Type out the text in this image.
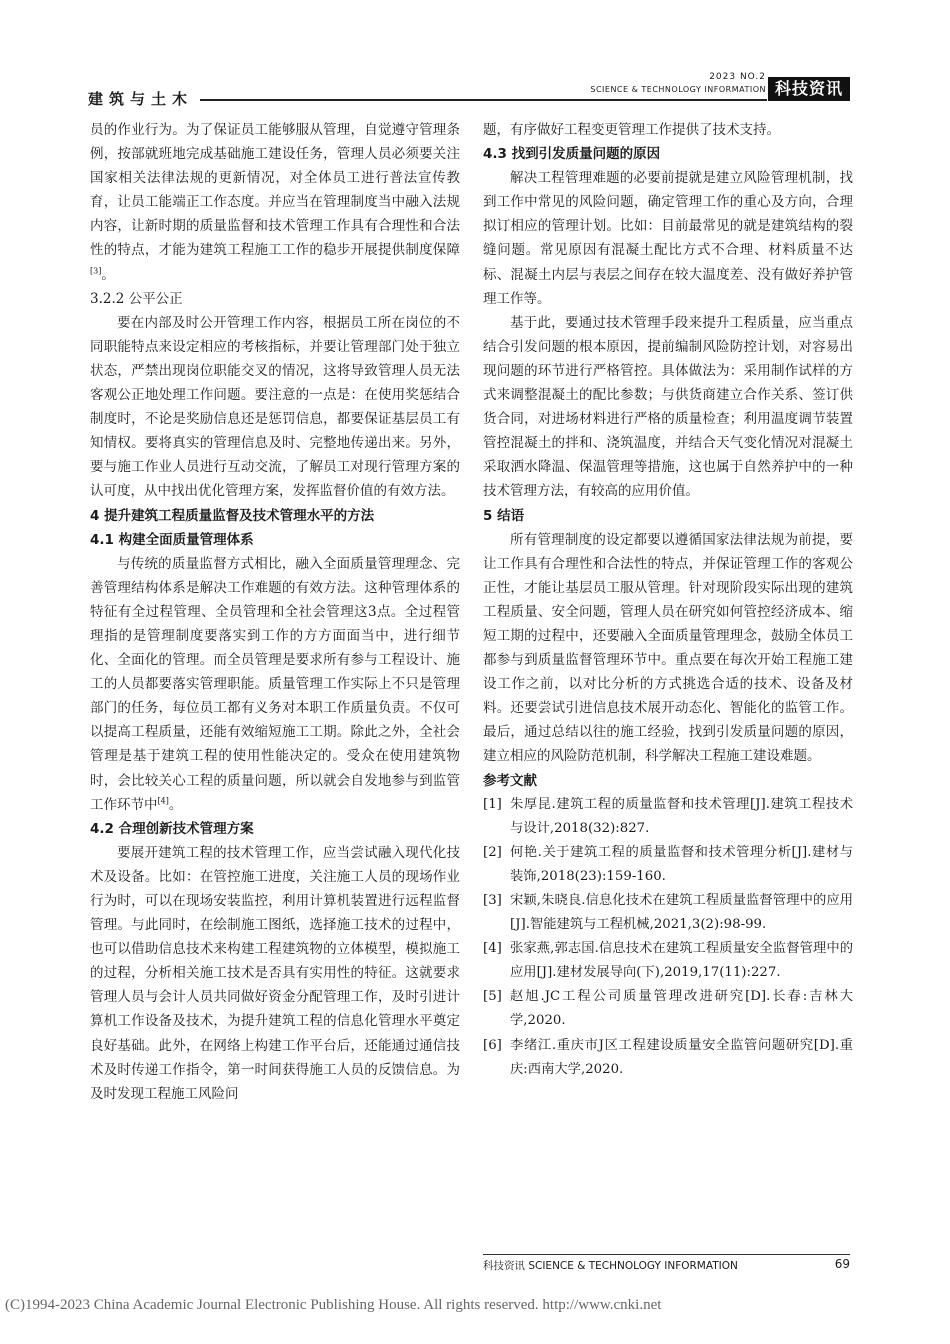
建筑与土木
2023 NO.2
SCIENCE & TECHNOLOGY INFORMATION 科技资讯

员的作业行为。为了保证员工能够服从管理，自觉遵守管理条例，按部就班地完成基础施工建设任务，管理人员必须要关注国家相关法律法规的更新情况，对全体员工进行普法宣传教育，让员工能端正工作态度。并应当在管理制度当中融入法规内容，让新时期的质量监督和技术管理工作具有合理性和合法性的特点，才能为建筑工程施工工作的稳步开展提供制度保障[3]。

3.2.2 公平公正

要在内部及时公开管理工作内容，根据员工所在岗位的不同职能特点来设定相应的考核指标，并要让管理部门处于独立状态，严禁出现岗位职能交叉的情况，这将导致管理人员无法客观公正地处理工作问题。要注意的一点是：在使用奖惩结合制度时，不论是奖励信息还是惩罚信息，都要保证基层员工有知情权。要将真实的管理信息及时、完整地传递出来。另外，要与施工作业人员进行互动交流，了解员工对现行管理方案的认可度，从中找出优化管理方案，发挥监督价值的有效方法。

4 提升建筑工程质量监督及技术管理水平的方法
4.1 构建全面质量管理体系

与传统的质量监督方式相比，融入全面质量管理理念、完善管理结构体系是解决工作难题的有效方法。这种管理体系的特征有全过程管理、全员管理和全社会管理这3点。全过程管理指的是管理制度要落实到工作的方方面面当中，进行细节化、全面化的管理。而全员管理是要求所有参与工程设计、施工的人员都要落实管理职能。质量管理工作实际上不只是管理部门的任务，每位员工都有义务对本职工作质量负责。不仅可以提高工程质量，还能有效缩短施工工期。除此之外，全社会管理是基于建筑工程的使用性能决定的。受众在使用建筑物时，会比较关心工程的质量问题，所以就会自发地参与到监管工作环节中[4]。

4.2 合理创新技术管理方案

要展开建筑工程的技术管理工作，应当尝试融入现代化技术及设备。比如：在管控施工进度，关注施工人员的现场作业行为时，可以在现场安装监控，利用计算机装置进行远程监督管理。与此同时，在绘制施工图纸，选择施工技术的过程中，也可以借助信息技术来构建工程建筑物的立体模型，模拟施工的过程，分析相关施工技术是否具有实用性的特征。这就要求管理人员与会计人员共同做好资金分配管理工作，及时引进计算机工作设备及技术，为提升建筑工程的信息化管理水平奠定良好基础。此外，在网络上构建工作平台后，还能通过通信技术及时传递工作指令，第一时间获得施工人员的反馈信息。为及时发现工程施工风险问

题，有序做好工程变更管理工作提供了技术支持。

4.3 找到引发质量问题的原因

解决工程管理难题的必要前提就是建立风险管理机制，找到工作中常见的风险问题，确定管理工作的重心及方向，合理拟订相应的管理计划。比如：目前最常见的就是建筑结构的裂缝问题。常见原因有混凝土配比方式不合理、材料质量不达标、混凝土内层与表层之间存在较大温度差、没有做好养护管理工作等。

基于此，要通过技术管理手段来提升工程质量，应当重点结合引发问题的根本原因，提前编制风险防控计划，对容易出现问题的环节进行严格管控。具体做法为：采用制作试样的方式来调整混凝土的配比参数；与供货商建立合作关系、签订供货合同，对进场材料进行严格的质量检查；利用温度调节装置管控混凝土的拌和、浇筑温度，并结合天气变化情况对混凝土采取洒水降温、保温管理等措施，这也属于自然养护中的一种技术管理方法，有较高的应用价值。

5 结语

所有管理制度的设定都要以遵循国家法律法规为前提，要让工作具有合理性和合法性的特点，并保证管理工作的客观公正性，才能让基层员工服从管理。针对现阶段实际出现的建筑工程质量、安全问题，管理人员在研究如何管控经济成本、缩短工期的过程中，还要融入全面质量管理理念，鼓励全体员工都参与到质量监督管理环节中。重点要在每次开始工程施工建设工作之前，以对比分析的方式挑选合适的技术、设备及材料。还要尝试引进信息技术展开动态化、智能化的监管工作。最后，通过总结以往的施工经验，找到引发质量问题的原因，建立相应的风险防范机制，科学解决工程施工建设难题。

参考文献
[1] 朱厚昆.建筑工程的质量监督和技术管理[J].建筑工程技术与设计,2018(32):827.
[2] 何艳.关于建筑工程的质量监督和技术管理分析[J].建材与装饰,2018(23):159-160.
[3] 宋颖,朱晓良.信息化技术在建筑工程质量监督管理中的应用[J].智能建筑与工程机械,2021,3(2):98-99.
[4] 张家燕,郭志国.信息技术在建筑工程质量安全监督管理中的应用[J].建材发展导向(下),2019,17(11):227.
[5] 赵旭.JC工程公司质量管理改进研究[D].长春:吉林大学,2020.
[6] 李绪江.重庆市J区工程建设质量安全监管问题研究[D].重庆:西南大学,2020.
科技资讯 SCIENCE & TECHNOLOGY INFORMATION	69
(C)1994-2023 China Academic Journal Electronic Publishing House. All rights reserved. http://www.cnki.net
